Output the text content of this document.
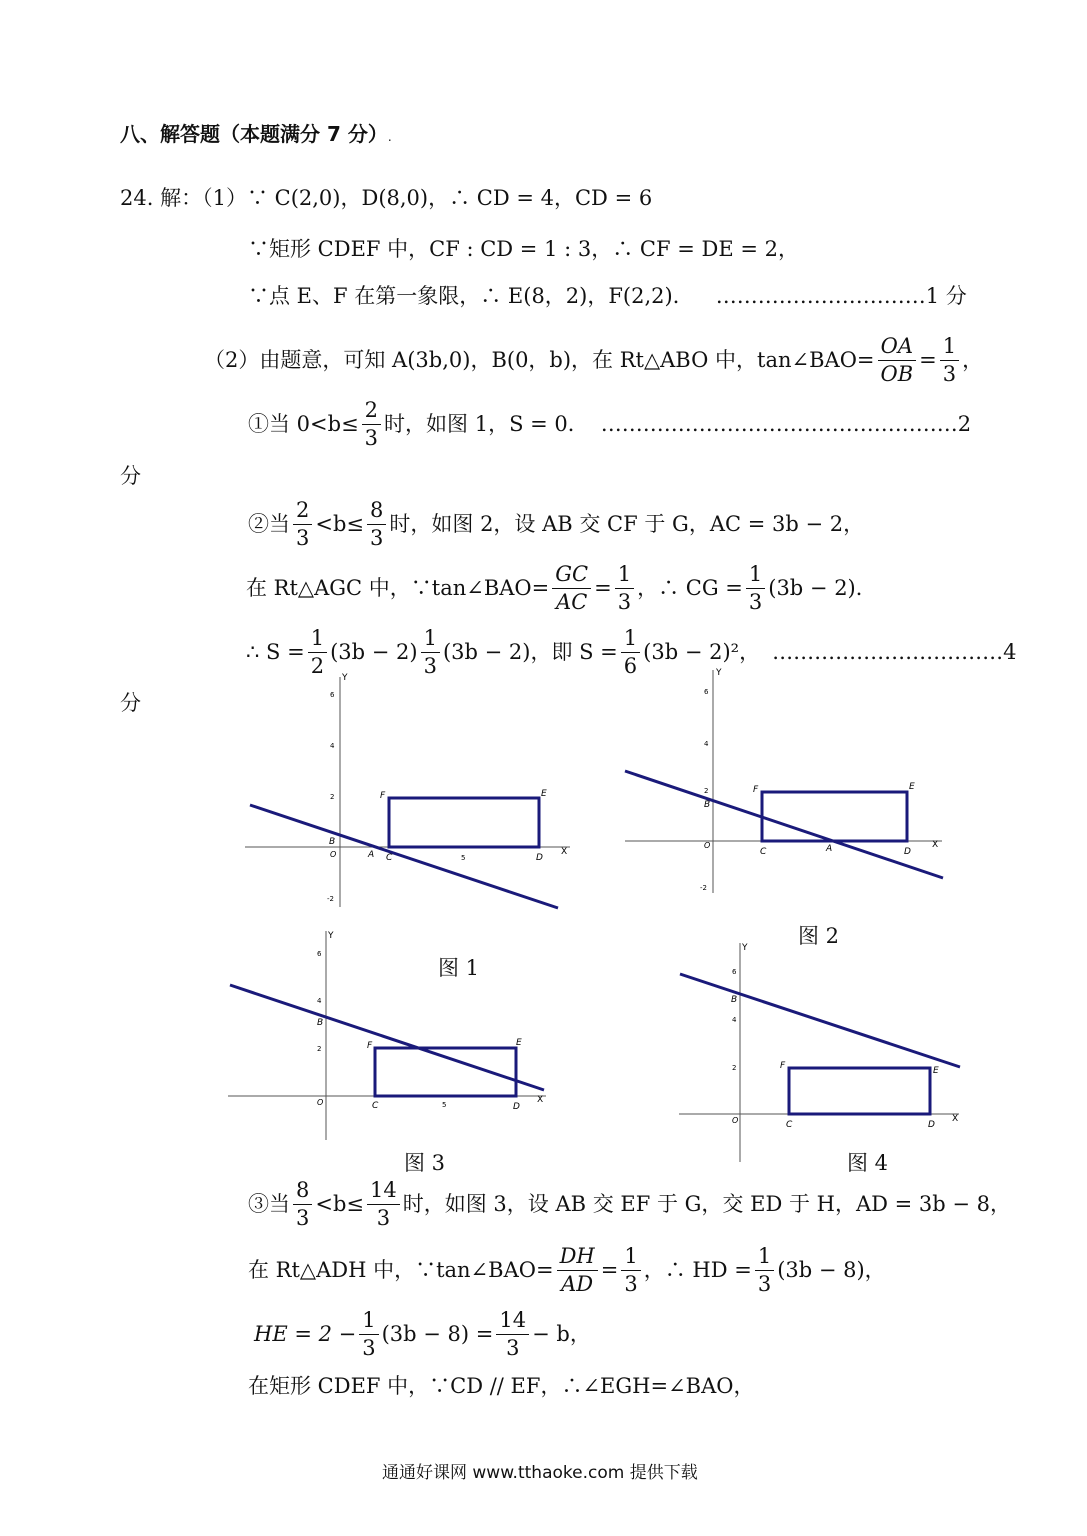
八、解答题（本题满分 7 分）.
24. 解：（1）∵ C(2,0)，D(8,0)，∴ CD = 4，CD = 6
∵矩形 CDEF 中，CF : CD = 1 : 3，∴ CF = DE = 2，
∵点 E、F 在第一象限，∴ E(8，2)，F(2,2)． …………………………1 分
（2）由题意，可知 A(3b,0)，B(0，b)，在 Rt△ABO 中，tan∠BAO= $\frac{OA}{OB} = \frac{1}{3}$ ，
①当 $0<b\le \frac{2}{3}$ 时，如图 1，S = 0． ……………………………………………2
分
②当 $\frac{2}{3} <b\le \frac{8}{3}$ 时，如图 2，设 AB 交 CF 于 G，AC = 3b − 2，
在 Rt△AGC 中，∵tan∠BAO= $\frac{GC}{AC} = \frac{1}{3}$ ，∴ CG = $\frac{1}{3} (3b - 2)$．
∴ $S = \frac{1}{2} (3b - 2) \frac{1}{3} (3b - 2)$，即 $S = \frac{1}{6} (3b - 2)^2$， ……………………………4
分
Y
X
6
4
2
5
-2
O
B
A C	D
E
F
图 1
Y
X
6
4
2
-2
O
B
A
C	D
E
F
图 2
Y
X
6
4
2
5
O
B
C	D
E
F
图 3
Y
X
6
4
2
O
B
C	D
E
F
图 4
③当 $\frac{8}{3} <b\le \frac{14}{3}$ 时，如图 3，设 AB 交 EF 于 G，交 ED 于 H，AD = 3b − 8，
在 Rt△ADH 中，∵tan∠BAO= $\frac{DH}{AD} = \frac{1}{3}$ ，∴ HD = $\frac{1}{3} (3b - 8)$，
HE = $2 - \frac{1}{3} (3b - 8) = \frac{14}{3} - b$，
在矩形 CDEF 中，∵CD // EF，∴∠EGH=∠BAO，
通通好课网 www.tthaoke.com 提供下载
